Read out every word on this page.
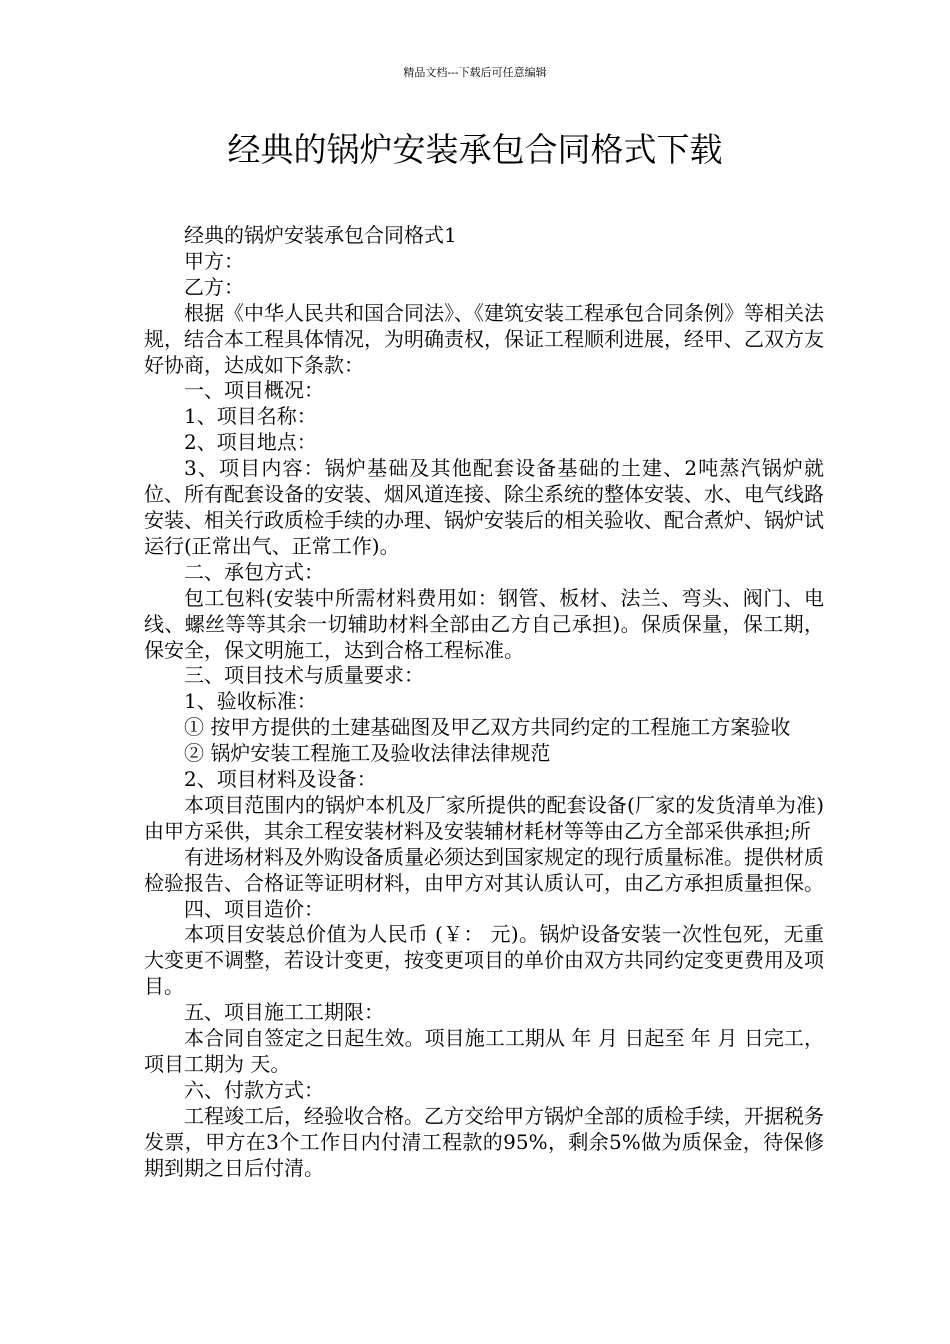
精品文档---下载后可任意编辑
经典的锅炉安装承包合同格式下载

经典的锅炉安装承包合同格式1

甲方：

乙方：

根据《中华人民共和国合同法》、《建筑安装工程承包合同条例》等相关法规，结合本工程具体情况，为明确责权，保证工程顺利进展，经甲、乙双方友好协商，达成如下条款：

一、项目概况：

1、项目名称：

2、项目地点：

3、项目内容：锅炉基础及其他配套设备基础的土建、2吨蒸汽锅炉就位、所有配套设备的安装、烟风道连接、除尘系统的整体安装、水、电气线路安装、相关行政质检手续的办理、锅炉安装后的相关验收、配合煮炉、锅炉试运行(正常出气、正常工作)。

二、承包方式：

包工包料(安装中所需材料费用如：钢管、板材、法兰、弯头、阀门、电线、螺丝等等其余一切辅助材料全部由乙方自己承担)。保质保量，保工期，保安全，保文明施工，达到合格工程标准。

三、项目技术与质量要求：

1、验收标准：

① 按甲方提供的土建基础图及甲乙双方共同约定的工程施工方案验收

② 锅炉安装工程施工及验收法律法律规范

2、项目材料及设备：

本项目范围内的锅炉本机及厂家所提供的配套设备(厂家的发货清单为准)由甲方采供，其余工程安装材料及安装辅材耗材等等由乙方全部采供承担;所

有进场材料及外购设备质量必须达到国家规定的现行质量标准。提供材质检验报告、合格证等证明材料，由甲方对其认质认可，由乙方承担质量担保。

四、项目造价：

本项目安装总价值为人民币 (￥： 元)。锅炉设备安装一次性包死，无重大变更不调整，若设计变更，按变更项目的单价由双方共同约定变更费用及项目。

五、项目施工工期限：

本合同自签定之日起生效。项目施工工期从 年 月 日起至 年 月 日完工，项目工期为 天。

六、付款方式：

工程竣工后，经验收合格。乙方交给甲方锅炉全部的质检手续，开据税务发票，甲方在3个工作日内付清工程款的95%，剩余5%做为质保金，待保修期到期之日后付清。
